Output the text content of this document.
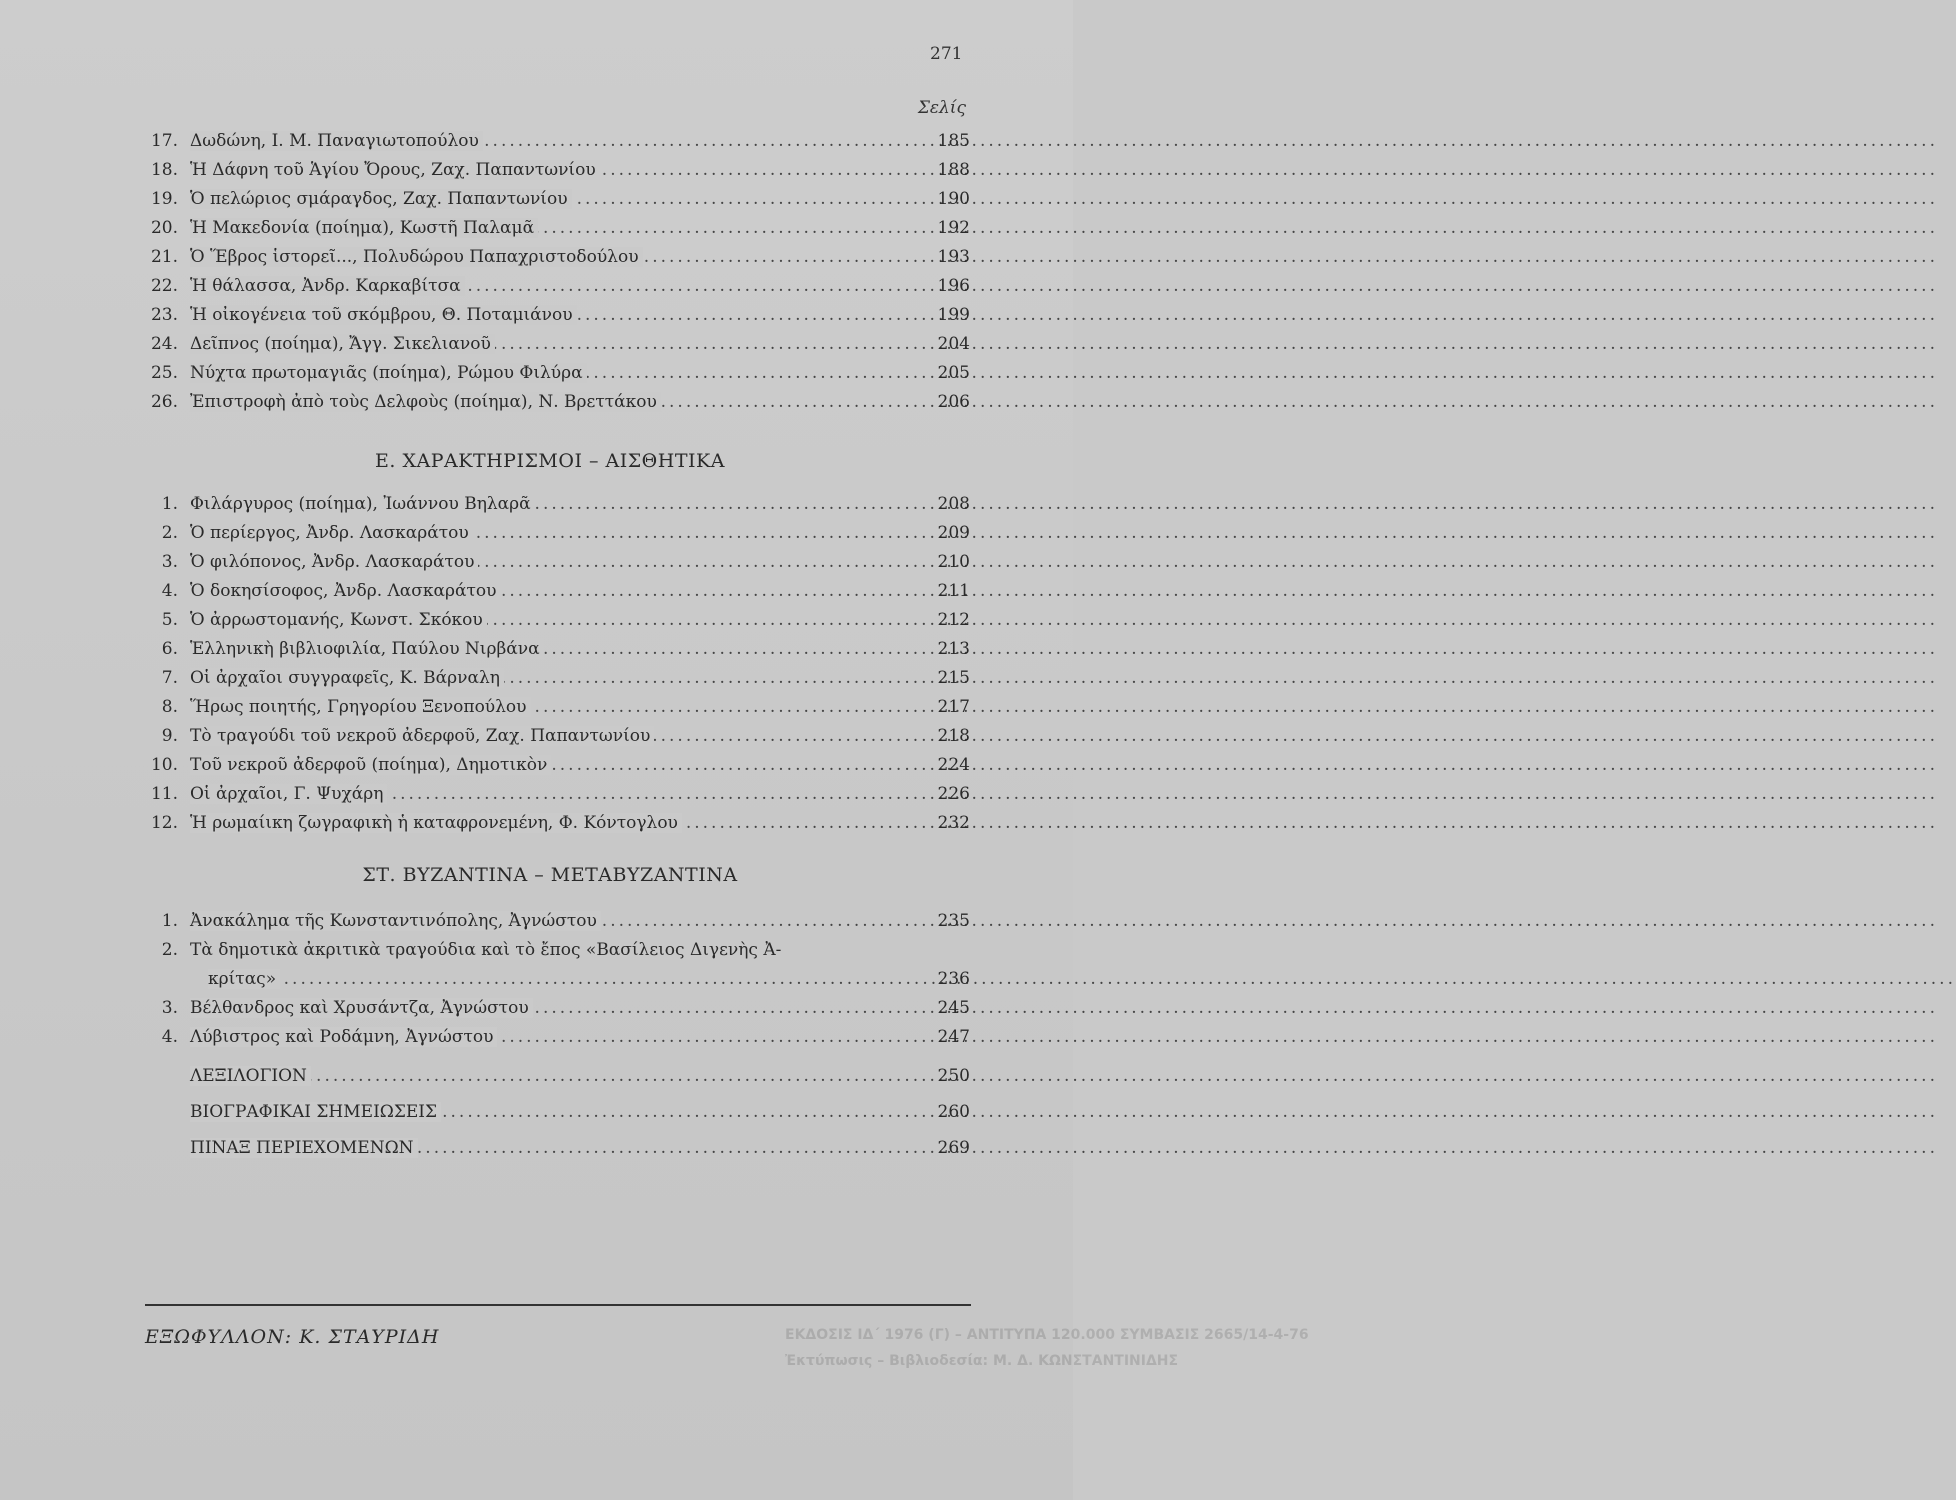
271
Σελίς
17. Δωδώνη, Ι. Μ. Παναγιωτοπούλου .....	185
18. Ἡ Δάφνη τοῦ Ἁγίου Ὄρους, Ζαχ. Παπαντωνίου .....	188
19. Ὁ πελώριος σμάραγδος, Ζαχ. Παπαντωνίου .....	190
20. Ἡ Μακεδονία (ποίημα), Κωστῆ Παλαμᾶ .....	192
21. Ὁ Ἕβρος ἱστορεῖ..., Πολυδώρου Παπαχριστοδούλου .....	193
22. Ἡ θάλασσα, Ἀνδρ. Καρκαβίτσα .....	196
23. Ἡ οἰκογένεια τοῦ σκόμβρου, Θ. Ποταμιάνου .....	199
24. Δεῖπνος (ποίημα), Ἄγγ. Σικελιανοῦ .....	204
25. Νύχτα πρωτομαγιᾶς (ποίημα), Ρώμου Φιλύρα .....	205
26. Ἐπιστροφὴ ἀπὸ τοὺς Δελφοὺς (ποίημα), Ν. Βρεττάκου .....	206
Ε. ΧΑΡΑΚΤΗΡΙΣΜΟΙ – ΑΙΣΘΗΤΙΚΑ
1. Φιλάργυρος (ποίημα), Ἰωάννου Βηλαρᾶ .....	208
2. Ὁ περίεργος, Ἀνδρ. Λασκαράτου .....	209
3. Ὁ φιλόπονος, Ἀνδρ. Λασκαράτου .....	210
4. Ὁ δοκησίσοφος, Ἀνδρ. Λασκαράτου .....	211
5. Ὁ ἀρρωστομανής, Κωνστ. Σκόκου .....	212
6. Ἑλληνικὴ βιβλιοφιλία, Παύλου Νιρβάνα .....	213
7. Οἱ ἀρχαῖοι συγγραφεῖς, Κ. Βάρναλη .....	215
8. Ἥρως ποιητής, Γρηγορίου Ξενοπούλου .....	217
9. Τὸ τραγούδι τοῦ νεκροῦ ἀδερφοῦ, Ζαχ. Παπαντωνίου .....	218
10. Τοῦ νεκροῦ ἀδερφοῦ (ποίημα), Δημοτικὸν .....	224
11. Οἱ ἀρχαῖοι, Γ. Ψυχάρη .....	226
12. Ἡ ρωμαίικη ζωγραφικὴ ἡ καταφρονεμένη, Φ. Κόντογλου .....	232
ΣΤ. ΒΥΖΑΝΤΙΝΑ – ΜΕΤΑΒΥΖΑΝΤΙΝΑ
1. Ἀνακάλημα τῆς Κωνσταντινόπολης, Ἀγνώστου .....	235
2. Τὰ δημοτικὰ ἀκριτικὰ τραγούδια καὶ τὸ ἔπος «Βασίλειος Διγενὴς Ἀ-
κρίτας» .....	236
3. Βέλθανδρος καὶ Χρυσάντζα, Ἀγνώστου .....	245
4. Λύβιστρος καὶ Ροδάμνη, Ἀγνώστου .....	247
ΛΕΞΙΛΟΓΙΟΝ .....	250
ΒΙΟΓΡΑΦΙΚΑΙ ΣΗΜΕΙΩΣΕΙΣ .....	260
ΠΙΝΑΞ ΠΕΡΙΕΧΟΜΕΝΩΝ .....	269
ΕΚΔΟΣΙΣ ΙΔ΄ 1976 (Γ) – ΑΝΤΙΤΥΠΑ 120.000 ΣΥΜΒΑΣΙΣ 2665/14-4-76
Ἐκτύπωσις – Βιβλιοδεσία: Μ. Δ. ΚΩΝΣΤΑΝΤΙΝΙΔΗΣ
ΕΞΩΦΥΛΛΟΝ: Κ. ΣΤΑΥΡΙΔΗ
